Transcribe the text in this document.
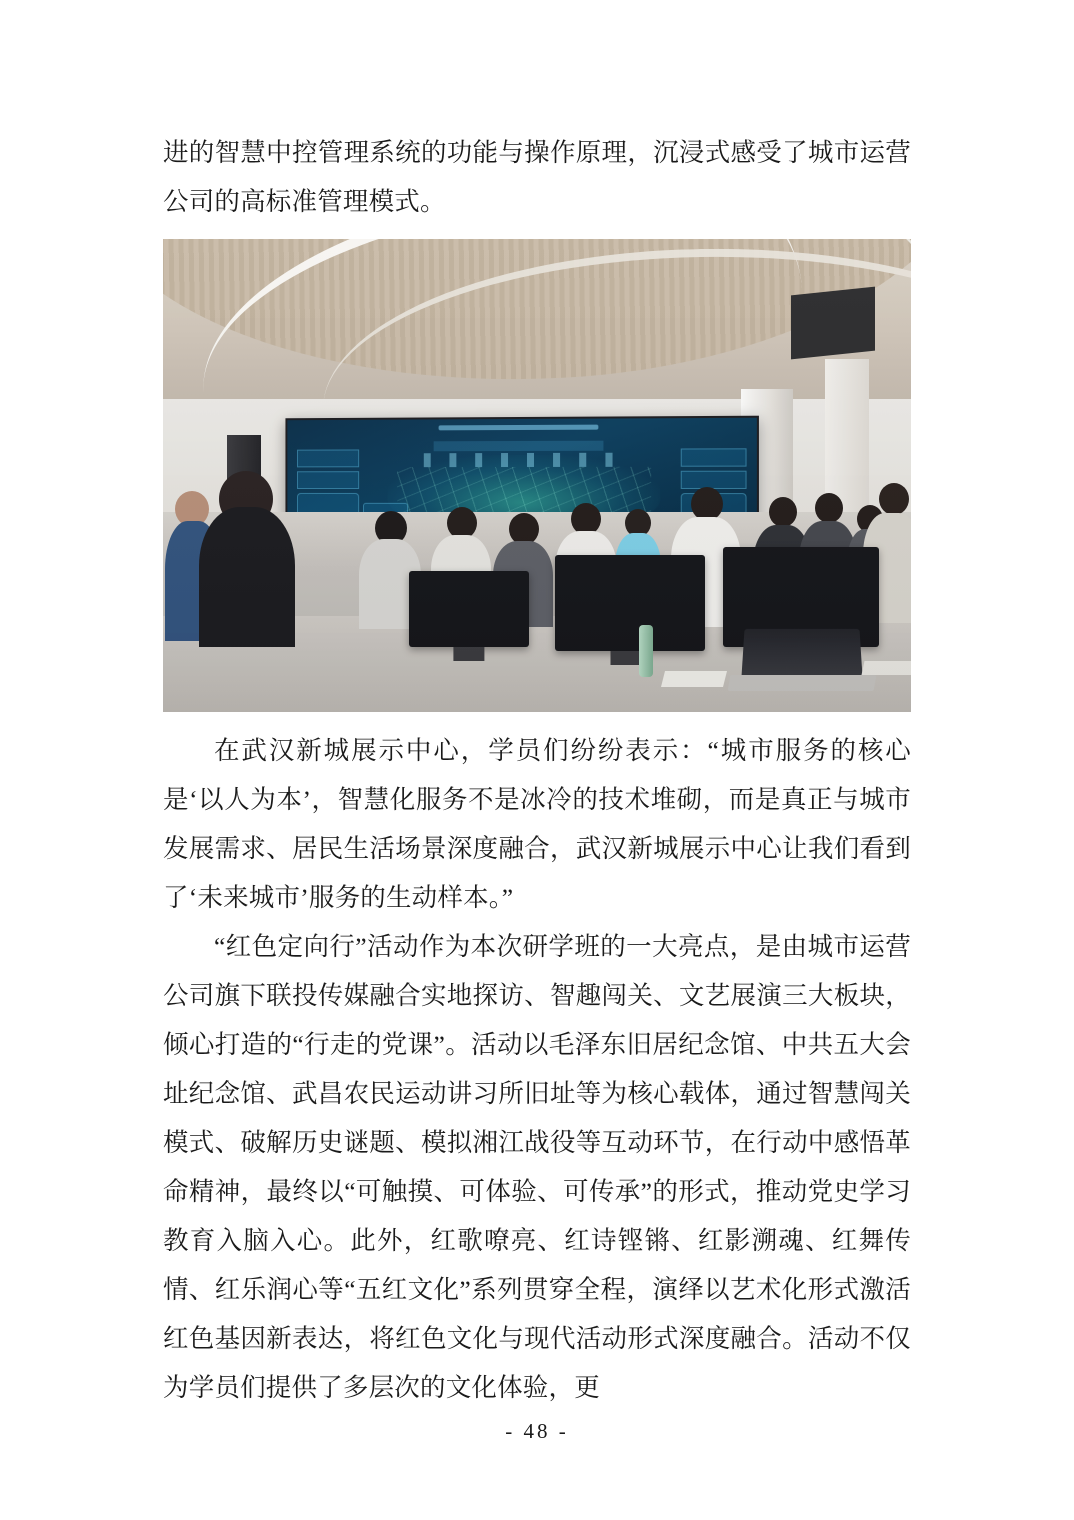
进的智慧中控管理系统的功能与操作原理，沉浸式感受了城市运营公司的高标准管理模式。

在武汉新城展示中心，学员们纷纷表示：“城市服务的核心是‘以人为本’，智慧化服务不是冰冷的技术堆砌，而是真正与城市发展需求、居民生活场景深度融合，武汉新城展示中心让我们看到了‘未来城市’服务的生动样本。”

“红色定向行”活动作为本次研学班的一大亮点，是由城市运营公司旗下联投传媒融合实地探访、智趣闯关、文艺展演三大板块，倾心打造的“行走的党课”。活动以毛泽东旧居纪念馆、中共五大会址纪念馆、武昌农民运动讲习所旧址等为核心载体，通过智慧闯关模式、破解历史谜题、模拟湘江战役等互动环节，在行动中感悟革命精神，最终以“可触摸、可体验、可传承”的形式，推动党史学习教育入脑入心。此外，红歌嘹亮、红诗铿锵、红影溯魂、红舞传情、红乐润心等“五红文化”系列贯穿全程，演绎以艺术化形式激活红色基因新表达，将红色文化与现代活动形式深度融合。活动不仅为学员们提供了多层次的文化体验，更

- 48 -
